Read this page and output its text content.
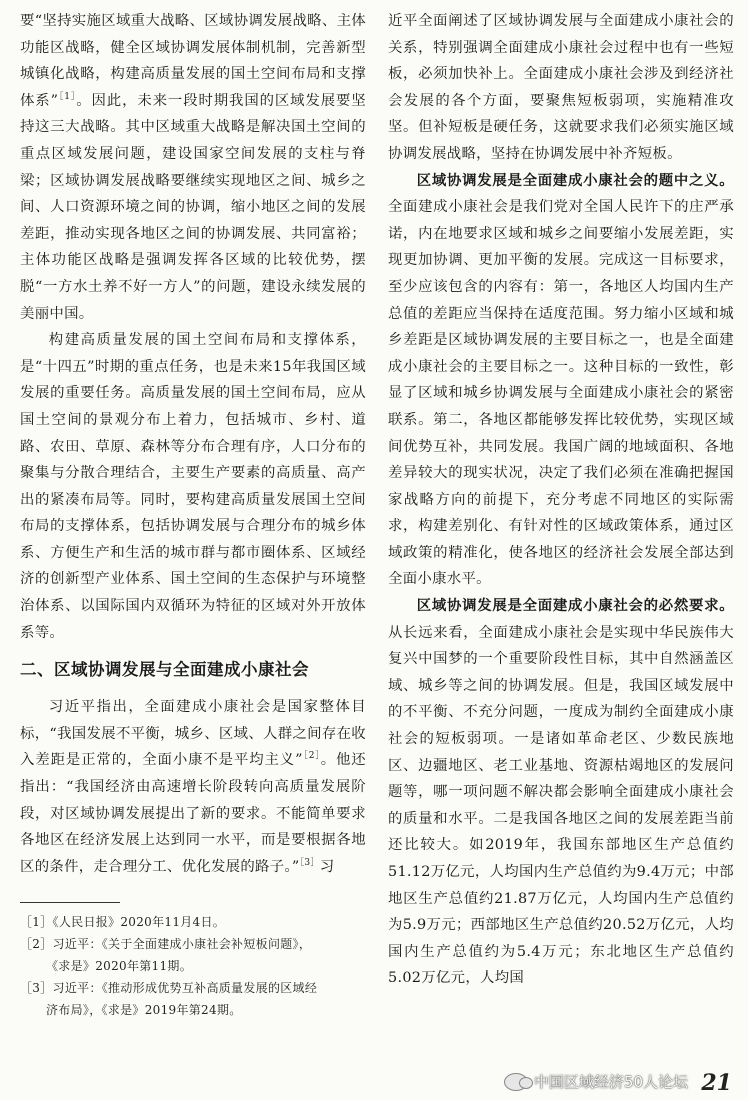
要“坚持实施区域重大战略、区域协调发展战略、主体功能区战略，健全区域协调发展体制机制，完善新型城镇化战略，构建高质量发展的国土空间布局和支撑体系”$^{[1]}$。因此，未来一段时期我国的区域发展要坚持这三大战略。其中区域重大战略是解决国土空间的重点区域发展问题，建设国家空间发展的支柱与脊梁；区域协调发展战略要继续实现地区之间、城乡之间、人口资源环境之间的协调，缩小地区之间的发展差距，推动实现各地区之间的协调发展、共同富裕；主体功能区战略是强调发挥各区域的比较优势，摆脱“一方水土养不好一方人”的问题，建设永续发展的美丽中国。

构建高质量发展的国土空间布局和支撑体系，是“十四五”时期的重点任务，也是未来15年我国区域发展的重要任务。高质量发展的国土空间布局，应从国土空间的景观分布上着力，包括城市、乡村、道路、农田、草原、森林等分布合理有序，人口分布的聚集与分散合理结合，主要生产要素的高质量、高产出的紧凑布局等。同时，要构建高质量发展国土空间布局的支撑体系，包括协调发展与合理分布的城乡体系、方便生产和生活的城市群与都市圈体系、区域经济的创新型产业体系、国土空间的生态保护与环境整治体系、以国际国内双循环为特征的区域对外开放体系等。

二、区域协调发展与全面建成小康社会

习近平指出，全面建成小康社会是国家整体目标，“我国发展不平衡，城乡、区域、人群之间存在收入差距是正常的，全面小康不是平均主义”$^{[2]}$。他还指出：“我国经济由高速增长阶段转向高质量发展阶段，对区域协调发展提出了新的要求。不能简单要求各地区在经济发展上达到同一水平，而是要根据各地区的条件，走合理分工、优化发展的路子。”$^{[3]}$习

［1］《人民日报》2020年11月4日。

［2］习近平：《关于全面建成小康社会补短板问题》，

《求是》2020年第11期。

［3］习近平：《推动形成优势互补高质量发展的区域经

济布局》，《求是》2019年第24期。

近平全面阐述了区域协调发展与全面建成小康社会的关系，特别强调全面建成小康社会过程中也有一些短板，必须加快补上。全面建成小康社会涉及到经济社会发展的各个方面，要聚焦短板弱项，实施精准攻坚。但补短板是硬任务，这就要求我们必须实施区域协调发展战略，坚持在协调发展中补齐短板。

区域协调发展是全面建成小康社会的题中之义。全面建成小康社会是我们党对全国人民许下的庄严承诺，内在地要求区域和城乡之间要缩小发展差距，实现更加协调、更加平衡的发展。完成这一目标要求，至少应该包含的内容有：第一，各地区人均国内生产总值的差距应当保持在适度范围。努力缩小区域和城乡差距是区域协调发展的主要目标之一，也是全面建成小康社会的主要目标之一。这种目标的一致性，彰显了区域和城乡协调发展与全面建成小康社会的紧密联系。第二，各地区都能够发挥比较优势，实现区域间优势互补，共同发展。我国广阔的地域面积、各地差异较大的现实状况，决定了我们必须在准确把握国家战略方向的前提下，充分考虑不同地区的实际需求，构建差别化、有针对性的区域政策体系，通过区域政策的精准化，使各地区的经济社会发展全部达到全面小康水平。

区域协调发展是全面建成小康社会的必然要求。从长远来看，全面建成小康社会是实现中华民族伟大复兴中国梦的一个重要阶段性目标，其中自然涵盖区域、城乡等之间的协调发展。但是，我国区域发展中的不平衡、不充分问题，一度成为制约全面建成小康社会的短板弱项。一是诸如革命老区、少数民族地区、边疆地区、老工业基地、资源枯竭地区的发展问题等，哪一项问题不解决都会影响全面建成小康社会的质量和水平。二是我国各地区之间的发展差距当前还比较大。如2019年，我国东部地区生产总值约51.12万亿元，人均国内生产总值约为9.4万元；中部地区生产总值约21.87万亿元，人均国内生产总值约为5.9万元；西部地区生产总值约20.52万亿元，人均国内生产总值约为5.4万元；东北地区生产总值约5.02万亿元，人均国

中国区域经济50人论坛 21
